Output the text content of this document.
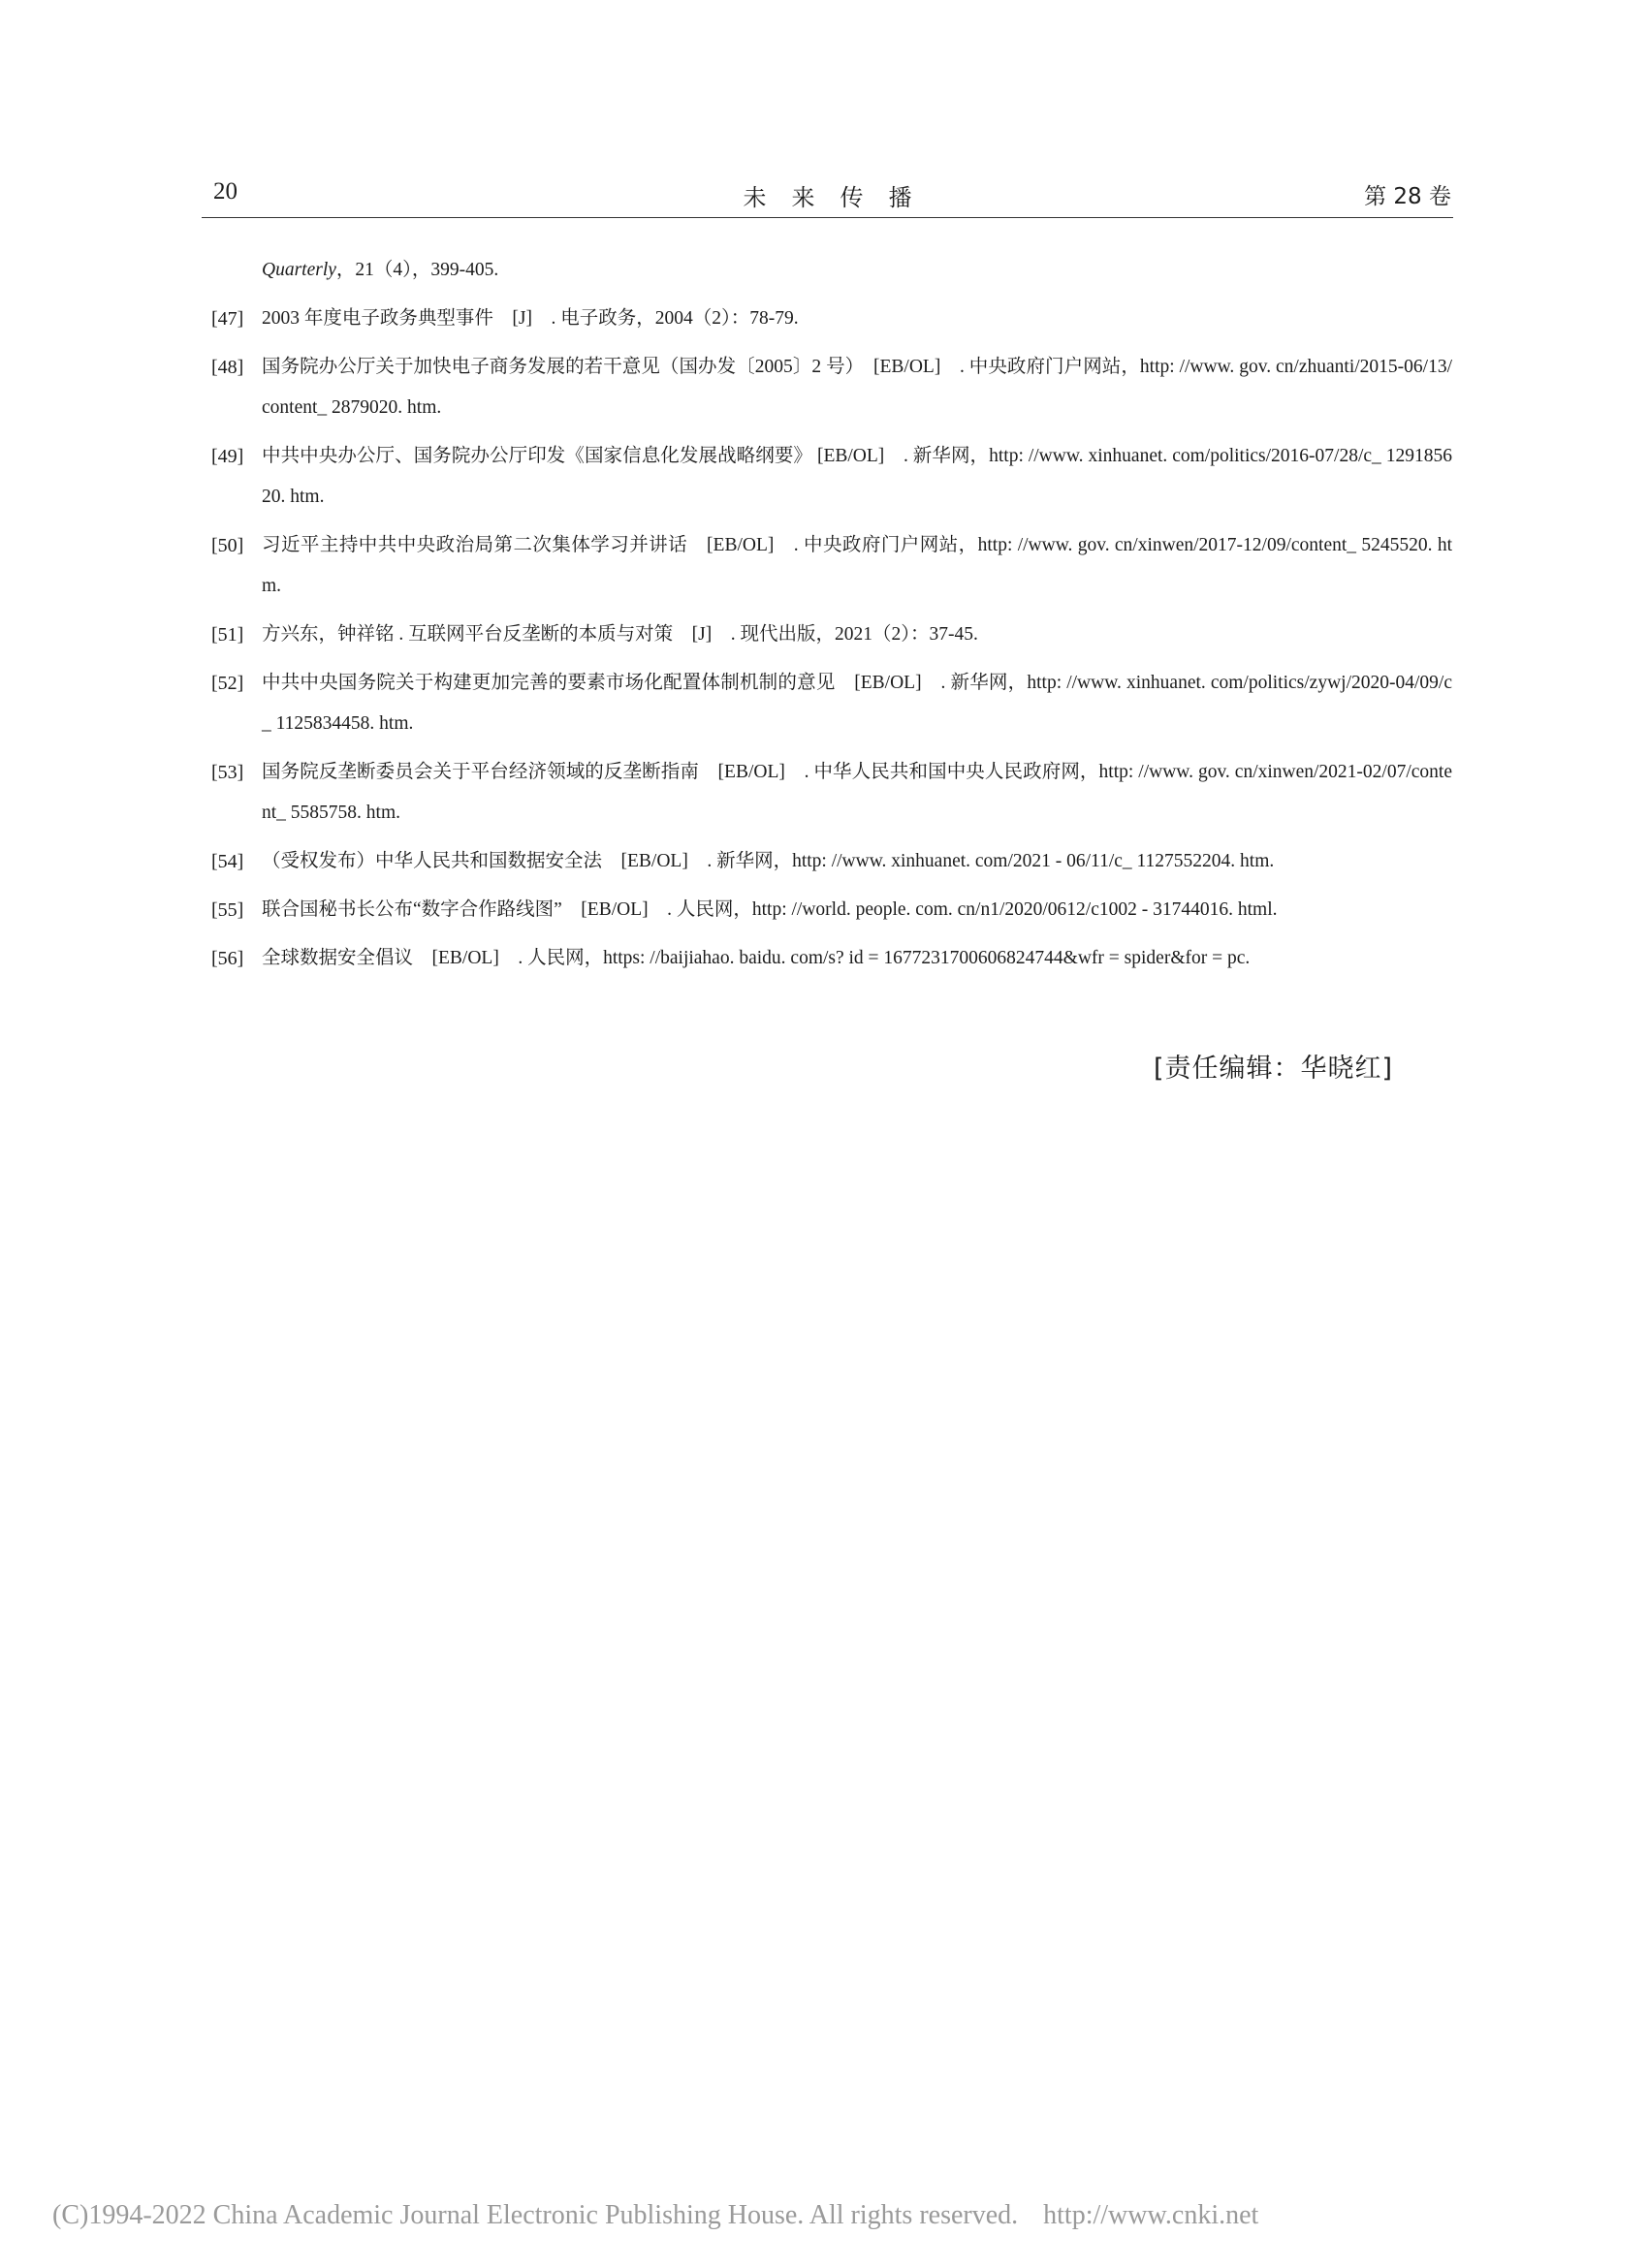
20	未来传播	第 28 卷
Quarterly，21（4），399-405.
[47] 2003 年度电子政务典型事件　[J]　. 电子政务，2004（2）：78-79.
[48] 国务院办公厅关于加快电子商务发展的若干意见（国办发〔2005〕2 号）　[EB/OL]　. 中央政府门户网站，http: //www. gov. cn/zhuanti/2015-06/13/content_ 2879020. htm.
[49] 中共中央办公厅、国务院办公厅印发《国家信息化发展战略纲要》 [EB/OL]　. 新华网，http: //www. xinhuanet. com/politics/2016-07/28/c_ 129185620. htm.
[50] 习近平主持中共中央政治局第二次集体学习并讲话　[EB/OL]　. 中央政府门户网站，http: //www. gov. cn/xinwen/2017-12/09/content_ 5245520. htm.
[51] 方兴东，钟祥铭 . 互联网平台反垄断的本质与对策　[J]　. 现代出版，2021（2）：37-45.
[52] 中共中央国务院关于构建更加完善的要素市场化配置体制机制的意见　[EB/OL]　. 新华网，http: //www. xinhuanet. com/politics/zywj/2020-04/09/c_ 1125834458. htm.
[53] 国务院反垄断委员会关于平台经济领域的反垄断指南　[EB/OL]　. 中华人民共和国中央人民政府网，http: //www. gov. cn/xinwen/2021-02/07/content_ 5585758. htm.
[54] （受权发布）中华人民共和国数据安全法　[EB/OL]　. 新华网，http: //www. xinhuanet. com/2021 - 06/11/c_ 1127552204. htm.
[55] 联合国秘书长公布“数字合作路线图”　[EB/OL]　. 人民网，http: //world. people. com. cn/n1/2020/0612/c1002 - 31744016. html.
[56] 全球数据安全倡议　[EB/OL]　. 人民网，https: //baijiahao. baidu. com/s? id = 1677231700606824744&wfr = spider&for = pc.
[责任编辑：华晓红]
(C)1994-2022 China Academic Journal Electronic Publishing House. All rights reserved. http://www.cnki.net
